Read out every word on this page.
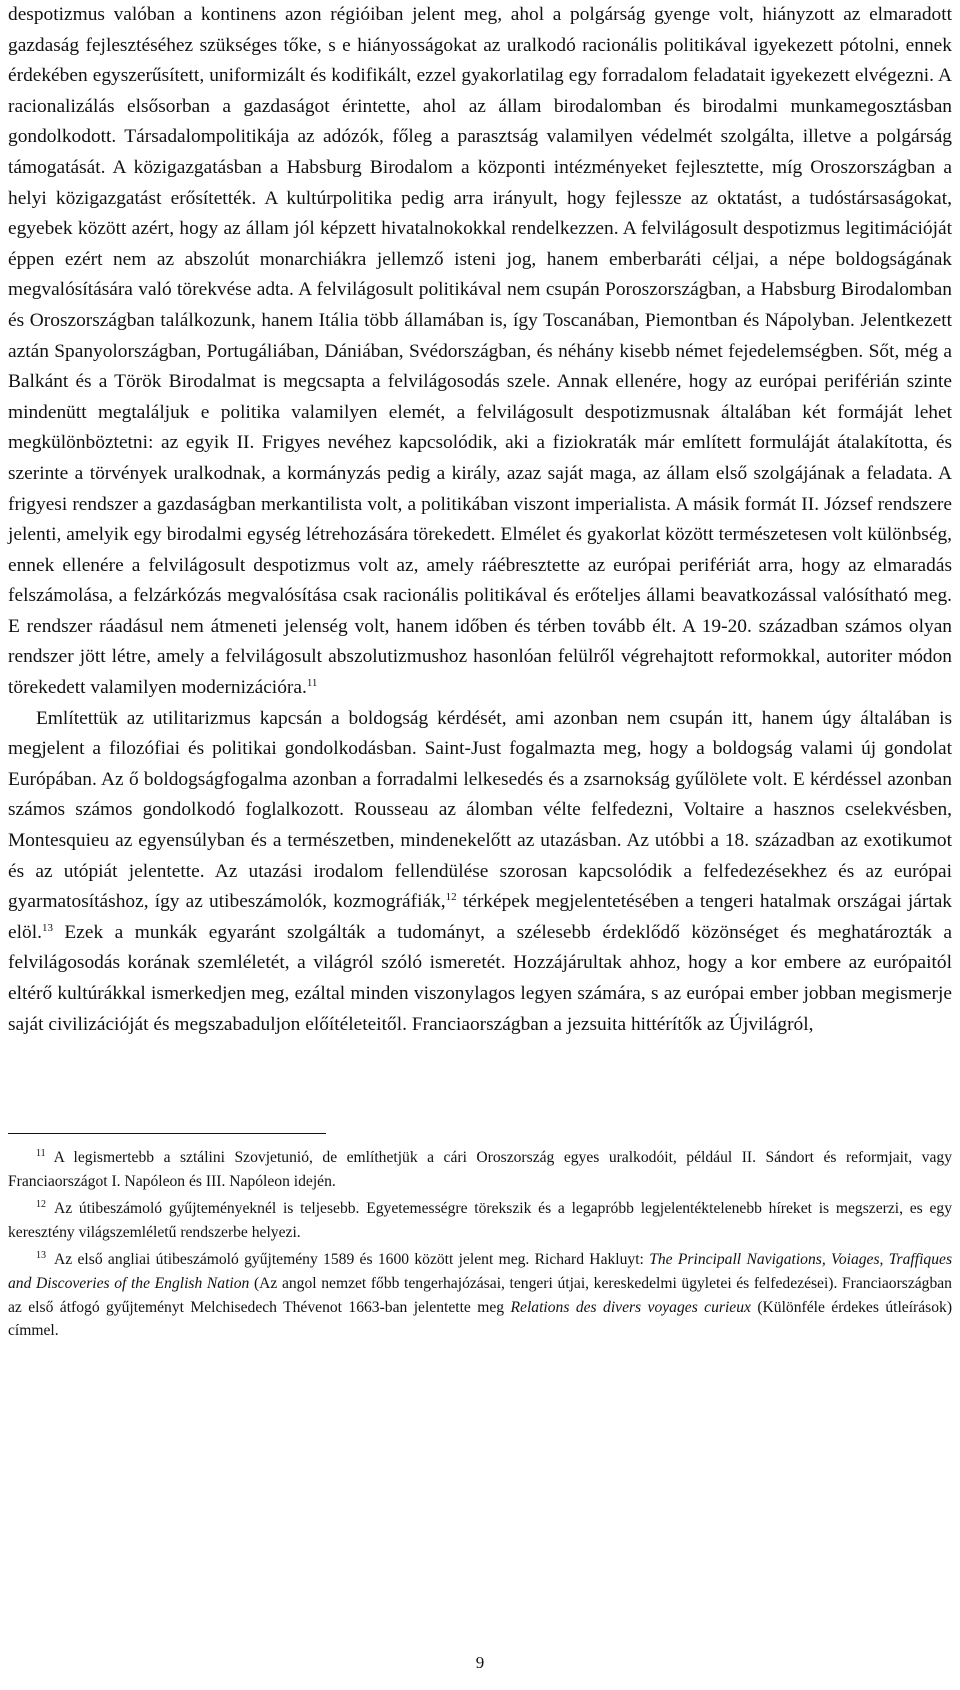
despotizmus valóban a kontinens azon régióiban jelent meg, ahol a polgárság gyenge volt, hiányzott az elmaradott gazdaság fejlesztéséhez szükséges tőke, s e hiányosságokat az uralkodó racionális politikával igyekezett pótolni, ennek érdekében egyszerűsített, uniformizált és kodifikált, ezzel gyakorlatilag egy forradalom feladatait igyekezett elvégezni. A racionalizálás elsősorban a gazdaságot érintette, ahol az állam birodalomban és birodalmi munkamegosztásban gondolkodott. Társadalompolitikája az adózók, főleg a parasztság valamilyen védelmét szolgálta, illetve a polgárság támogatását. A közigazgatásban a Habsburg Birodalom a központi intézményeket fejlesztette, míg Oroszországban a helyi közigazgatást erősítették. A kultúrpolitika pedig arra irányult, hogy fejlessze az oktatást, a tudóstársaságokat, egyebek között azért, hogy az állam jól képzett hivatalnokokkal rendelkezzen. A felvilágosult despotizmus legitimációját éppen ezért nem az abszolút monarchiákra jellemző isteni jog, hanem emberbaráti céljai, a népe boldogságának megvalósítására való törekvése adta. A felvilágosult politikával nem csupán Poroszországban, a Habsburg Birodalomban és Oroszországban találkozunk, hanem Itália több államában is, így Toscanában, Piemontban és Nápolyban. Jelentkezett aztán Spanyolországban, Portugáliában, Dániában, Svédországban, és néhány kisebb német fejedelemségben. Sőt, még a Balkánt és a Török Birodalmat is megcsapta a felvilágosodás szele. Annak ellenére, hogy az európai periférián szinte mindenütt megtaláljuk e politika valamilyen elemét, a felvilágosult despotizmusnak általában két formáját lehet megkülönböztetni: az egyik II. Frigyes nevéhez kapcsolódik, aki a fiziokraták már említett formuláját átalakította, és szerinte a törvények uralkodnak, a kormányzás pedig a király, azaz saját maga, az állam első szolgájának a feladata. A frigyesi rendszer a gazdaságban merkantilista volt, a politikában viszont imperialista. A másik formát II. József rendszere jelenti, amelyik egy birodalmi egység létrehozására törekedett. Elmélet és gyakorlat között természetesen volt különbség, ennek ellenére a felvilágosult despotizmus volt az, amely ráébresztette az európai perifériát arra, hogy az elmaradás felszámolása, a felzárkózás megvalósítása csak racionális politikával és erőteljes állami beavatkozással valósítható meg. E rendszer ráadásul nem átmeneti jelenség volt, hanem időben és térben tovább élt. A 19-20. században számos olyan rendszer jött létre, amely a felvilágosult abszolutizmushoz hasonlóan felülről végrehajtott reformokkal, autoriter módon törekedett valamilyen modernizációra.$^{11}$

Említettük az utilitarizmus kapcsán a boldogság kérdését, ami azonban nem csupán itt, hanem úgy általában is megjelent a filozófiai és politikai gondolkodásban. Saint-Just fogalmazta meg, hogy a boldogság valami új gondolat Európában. Az ő boldogságfogalma azonban a forradalmi lelkesedés és a zsarnokság gyűlölete volt. E kérdéssel azonban számos számos gondolkodó foglalkozott. Rousseau az álomban vélte felfedezni, Voltaire a hasznos cselekvésben, Montesquieu az egyensúlyban és a természetben, mindenekelőtt az utazásban. Az utóbbi a 18. században az exotikumot és az utópiát jelentette. Az utazási irodalom fellendülése szorosan kapcsolódik a felfedezésekhez és az európai gyarmatosításhoz, így az utibeszámolók, kozmográfiák,$^{12}$ térképek megjelentetésében a tengeri hatalmak országai jártak elöl.$^{13}$ Ezek a munkák egyaránt szolgálták a tudományt, a szélesebb érdeklődő közönséget és meghatározták a felvilágosodás korának szemléletét, a világról szóló ismeretét. Hozzájárultak ahhoz, hogy a kor embere az európaitól eltérő kultúrákkal ismerkedjen meg, ezáltal minden viszonylagos legyen számára, s az európai ember jobban megismerje saját civilizációját és megszabaduljon előítéleteitől. Franciaországban a jezsuita hittérítők az Újvilágról,

$^{11}$ A legismertebb a sztálini Szovjetunió, de említhetjük a cári Oroszország egyes uralkodóit, például II. Sándort és reformjait, vagy Franciaországot I. Napóleon és III. Napóleon idején.

$^{12}$ Az útibeszámoló gyűjteményeknél is teljesebb. Egyetemességre törekszik és a legapróbb legjelentéktelenebb híreket is megszerzi, es egy keresztény világszemléletű rendszerbe helyezi.

$^{13}$ Az első angliai útibeszámoló gyűjtemény 1589 és 1600 között jelent meg. Richard Hakluyt: The Principall Navigations, Voiages, Traffiques and Discoveries of the English Nation (Az angol nemzet főbb tengerhajózásai, tengeri útjai, kereskedelmi ügyletei és felfedezései). Franciaországban az első átfogó gyűjteményt Melchisedech Thévenot 1663-ban jelentette meg Relations des divers voyages curieux (Különféle érdekes útleírások) címmel.

9
